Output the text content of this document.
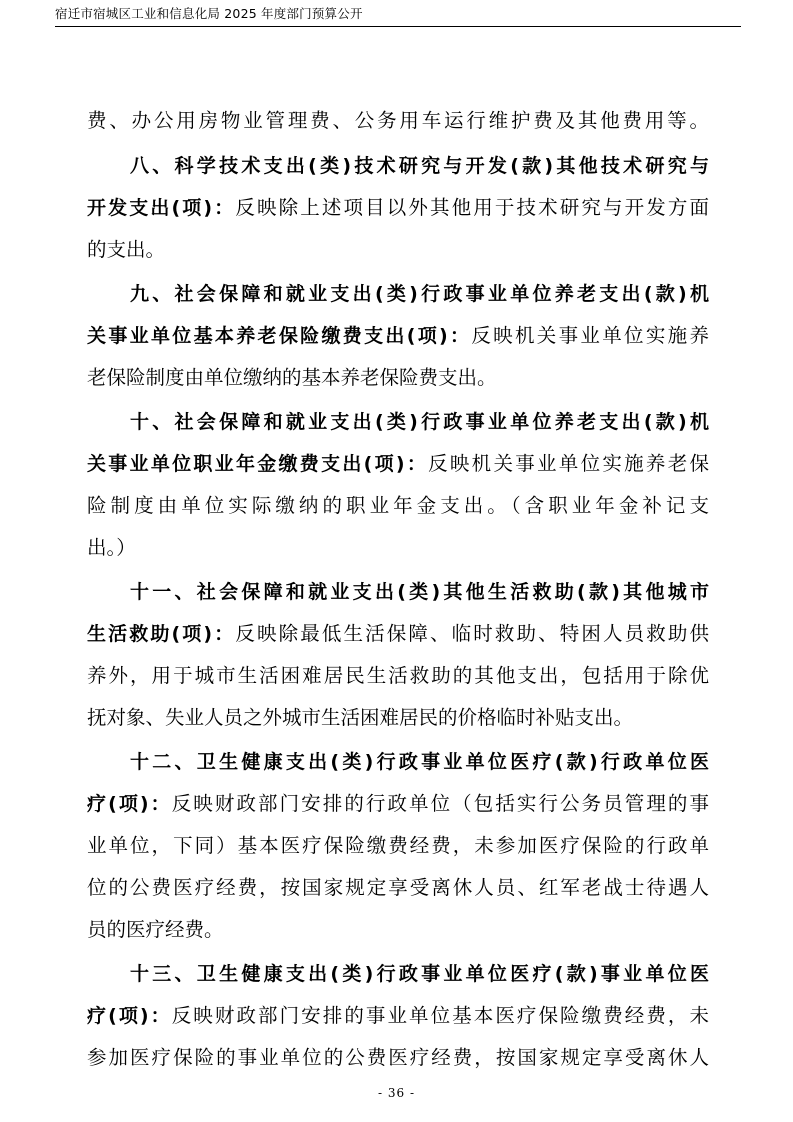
宿迁市宿城区工业和信息化局 2025 年度部门预算公开
费、办公用房物业管理费、公务用车运行维护费及其他费用等。
八、科学技术支出(类)技术研究与开发(款)其他技术研究与
开发支出(项)：反映除上述项目以外其他用于技术研究与开发方面
的支出。
九、社会保障和就业支出(类)行政事业单位养老支出(款)机
关事业单位基本养老保险缴费支出(项)：反映机关事业单位实施养
老保险制度由单位缴纳的基本养老保险费支出。
十、社会保障和就业支出(类)行政事业单位养老支出(款)机
关事业单位职业年金缴费支出(项)：反映机关事业单位实施养老保
险制度由单位实际缴纳的职业年金支出。（含职业年金补记支
出。）
十一、社会保障和就业支出(类)其他生活救助(款)其他城市
生活救助(项)：反映除最低生活保障、临时救助、特困人员救助供
养外，用于城市生活困难居民生活救助的其他支出，包括用于除优
抚对象、失业人员之外城市生活困难居民的价格临时补贴支出。
十二、卫生健康支出(类)行政事业单位医疗(款)行政单位医
疗(项)：反映财政部门安排的行政单位（包括实行公务员管理的事
业单位，下同）基本医疗保险缴费经费，未参加医疗保险的行政单
位的公费医疗经费，按国家规定享受离休人员、红军老战士待遇人
员的医疗经费。
十三、卫生健康支出(类)行政事业单位医疗(款)事业单位医
疗(项)：反映财政部门安排的事业单位基本医疗保险缴费经费，未
参加医疗保险的事业单位的公费医疗经费，按国家规定享受离休人
- 36 -
